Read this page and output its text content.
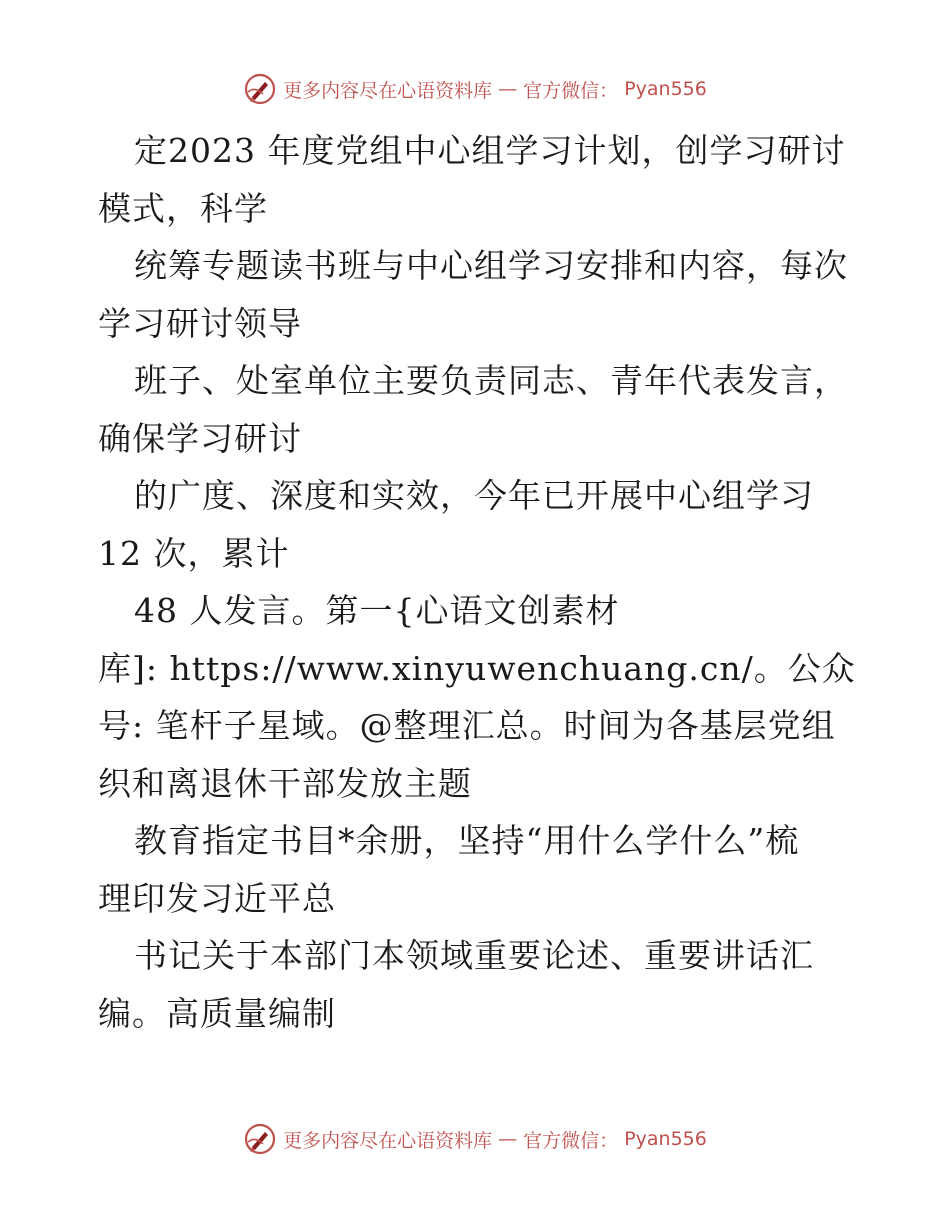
更多内容尽在心语资料库 — 官方微信： Pyan556
定2023 年度党组中心组学习计划，创学习研讨
模式，科学
统筹专题读书班与中心组学习安排和内容，每次
学习研讨领导
班子、处室单位主要负责同志、青年代表发言，
确保学习研讨
的广度、深度和实效，今年已开展中心组学习
12 次，累计
48 人发言。第一{心语文创素材
库]: https://www.xinyuwenchuang.cn/。公众
号: 笔杆子星域。@整理汇总。时间为各基层党组
织和离退休干部发放主题
教育指定书目*余册，坚持“用什么学什么”梳
理印发习近平总
书记关于本部门本领域重要论述、重要讲话汇
编。高质量编制
更多内容尽在心语资料库 — 官方微信： Pyan556
